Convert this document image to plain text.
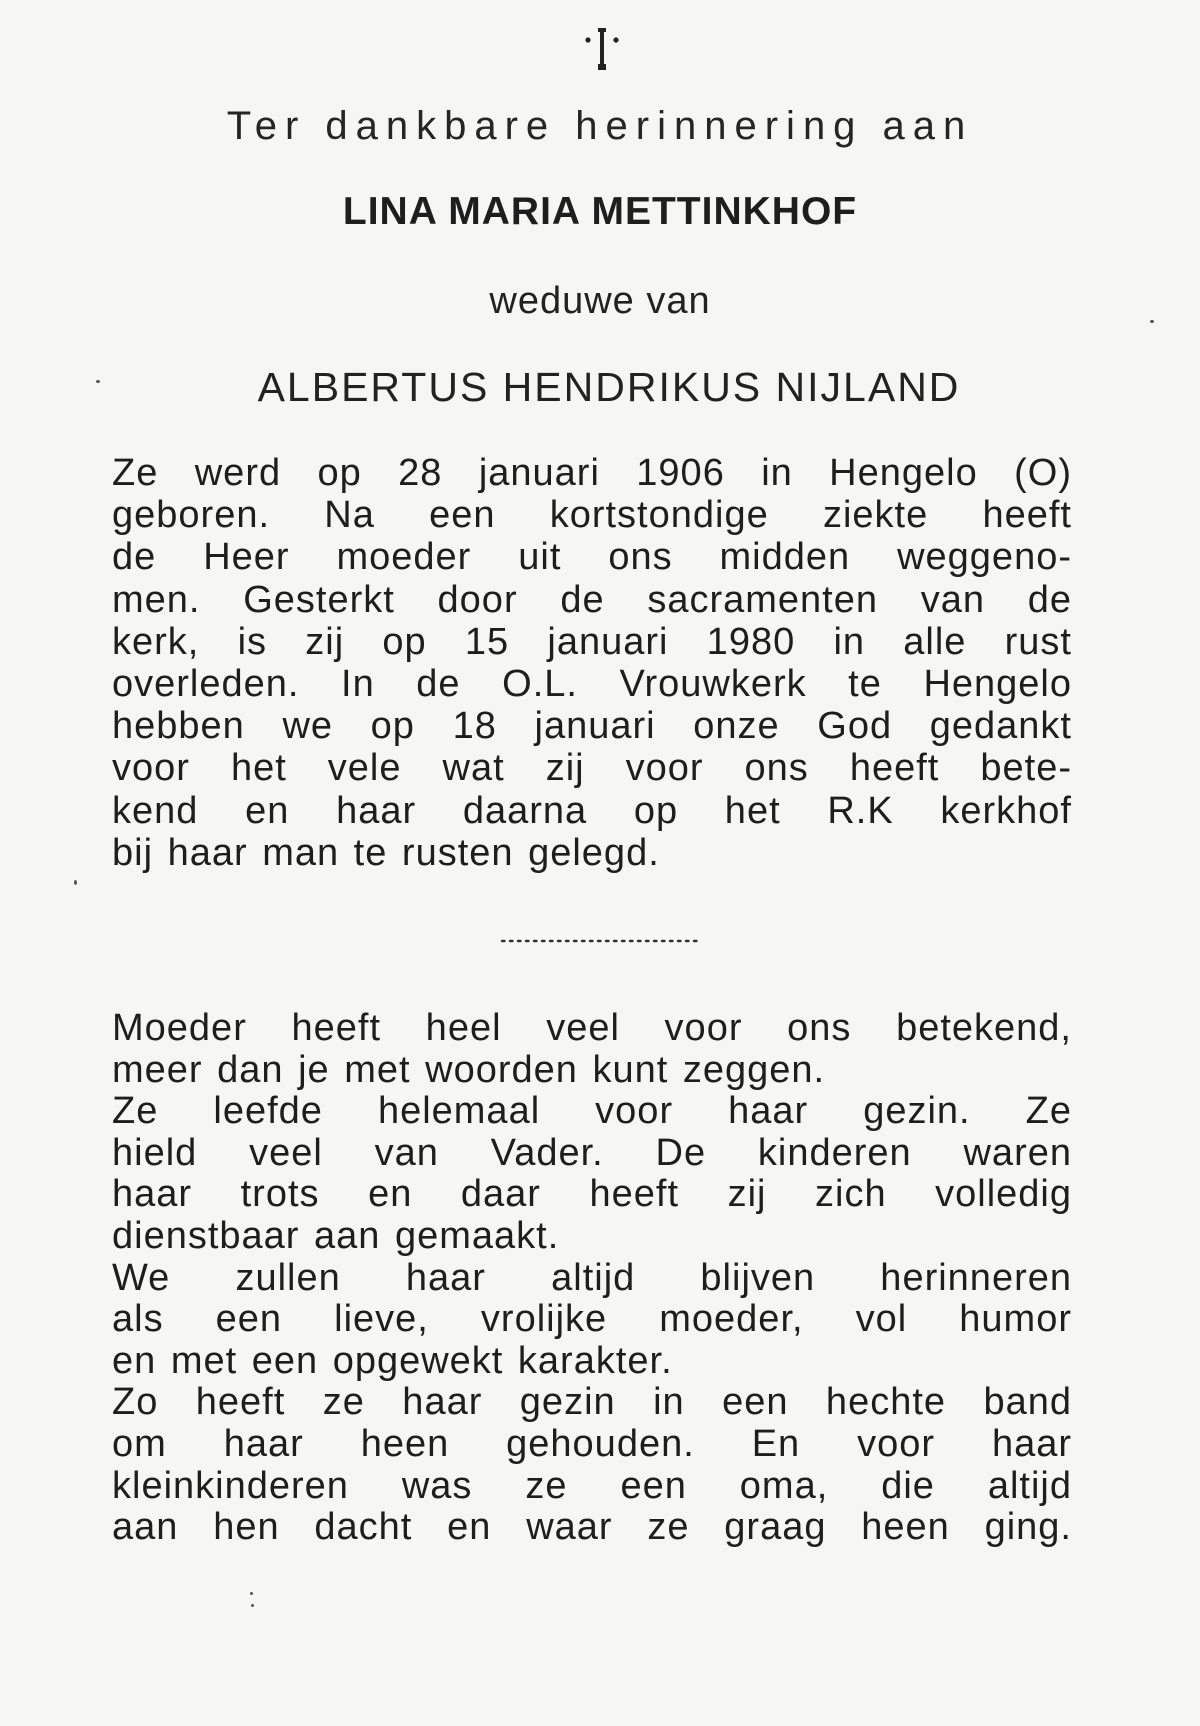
Ter dankbare herinnering aan
LINA MARIA METTINKHOF
weduwe van
ALBERTUS HENDRIKUS NIJLAND
Ze werd op 28 januari 1906 in Hengelo (O)
geboren. Na een kortstondige ziekte heeft
de Heer moeder uit ons midden weggeno-
men. Gesterkt door de sacramenten van de
kerk, is zij op 15 januari 1980 in alle rust
overleden. In de O.L. Vrouwkerk te Hengelo
hebben we op 18 januari onze God gedankt
voor het vele wat zij voor ons heeft bete-
kend en haar daarna op het R.K kerkhof
bij haar man te rusten gelegd.
Moeder heeft heel veel voor ons betekend,
meer dan je met woorden kunt zeggen.
Ze leefde helemaal voor haar gezin. Ze
hield veel van Vader. De kinderen waren
haar trots en daar heeft zij zich volledig
dienstbaar aan gemaakt.
We zullen haar altijd blijven herinneren
als een lieve, vrolijke moeder, vol humor
en met een opgewekt karakter.
Zo heeft ze haar gezin in een hechte band
om haar heen gehouden. En voor haar
kleinkinderen was ze een oma, die altijd
aan hen dacht en waar ze graag heen ging.
